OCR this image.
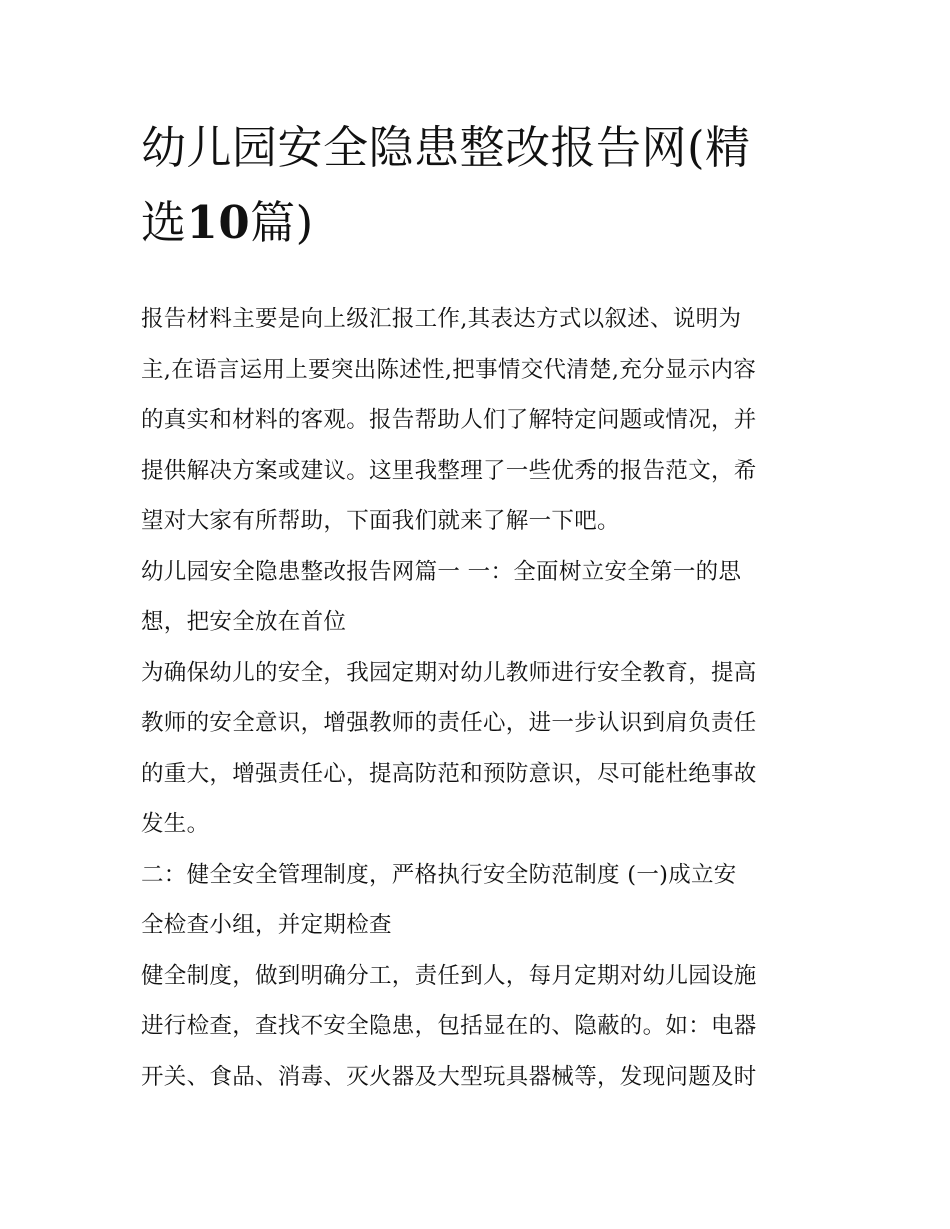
幼儿园安全隐患整改报告网(精
选10篇)

报告材料主要是向上级汇报工作,其表达方式以叙述、说明为
主,在语言运用上要突出陈述性,把事情交代清楚,充分显示内容
的真实和材料的客观。报告帮助人们了解特定问题或情况，并
提供解决方案或建议。这里我整理了一些优秀的报告范文，希
望对大家有所帮助，下面我们就来了解一下吧。

幼儿园安全隐患整改报告网篇一 一：全面树立安全第一的思
想，把安全放在首位

为确保幼儿的安全，我园定期对幼儿教师进行安全教育，提高
教师的安全意识，增强教师的责任心，进一步认识到肩负责任
的重大，增强责任心，提高防范和预防意识，尽可能杜绝事故
发生。

二：健全安全管理制度，严格执行安全防范制度 (一)成立安
全检查小组，并定期检查

健全制度，做到明确分工，责任到人，每月定期对幼儿园设施
进行检查，查找不安全隐患，包括显在的、隐蔽的。如：电器
开关、食品、消毒、灭火器及大型玩具器械等，发现问题及时
